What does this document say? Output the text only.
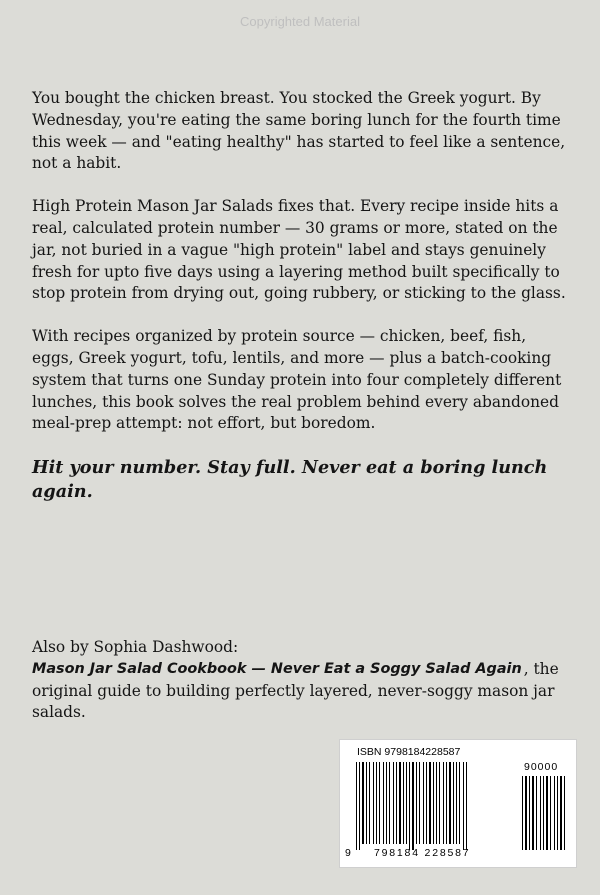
Copyrighted Material

You bought the chicken breast. You stocked the Greek yogurt. By Wednesday, you're eating the same boring lunch for the fourth time this week — and "eating healthy" has started to feel like a sentence, not a habit.

High Protein Mason Jar Salads fixes that. Every recipe inside hits a real, calculated protein number — 30 grams or more, stated on the jar, not buried in a vague "high protein" label and stays genuinely fresh for upto five days using a layering method built specifically to stop protein from drying out, going rubbery, or sticking to the glass.

With recipes organized by protein source — chicken, beef, fish, eggs, Greek yogurt, tofu, lentils, and more — plus a batch-cooking system that turns one Sunday protein into four completely different lunches, this book solves the real problem behind every abandoned meal-prep attempt: not effort, but boredom.

Hit your number. Stay full. Never eat a boring lunch again.

Also by Sophia Dashwood:
Mason Jar Salad Cookbook — Never Eat a Soggy Salad Again , the original guide to building perfectly layered, never-soggy mason jar salads.
ISBN 9798184228587
90000
9 798184 228587
